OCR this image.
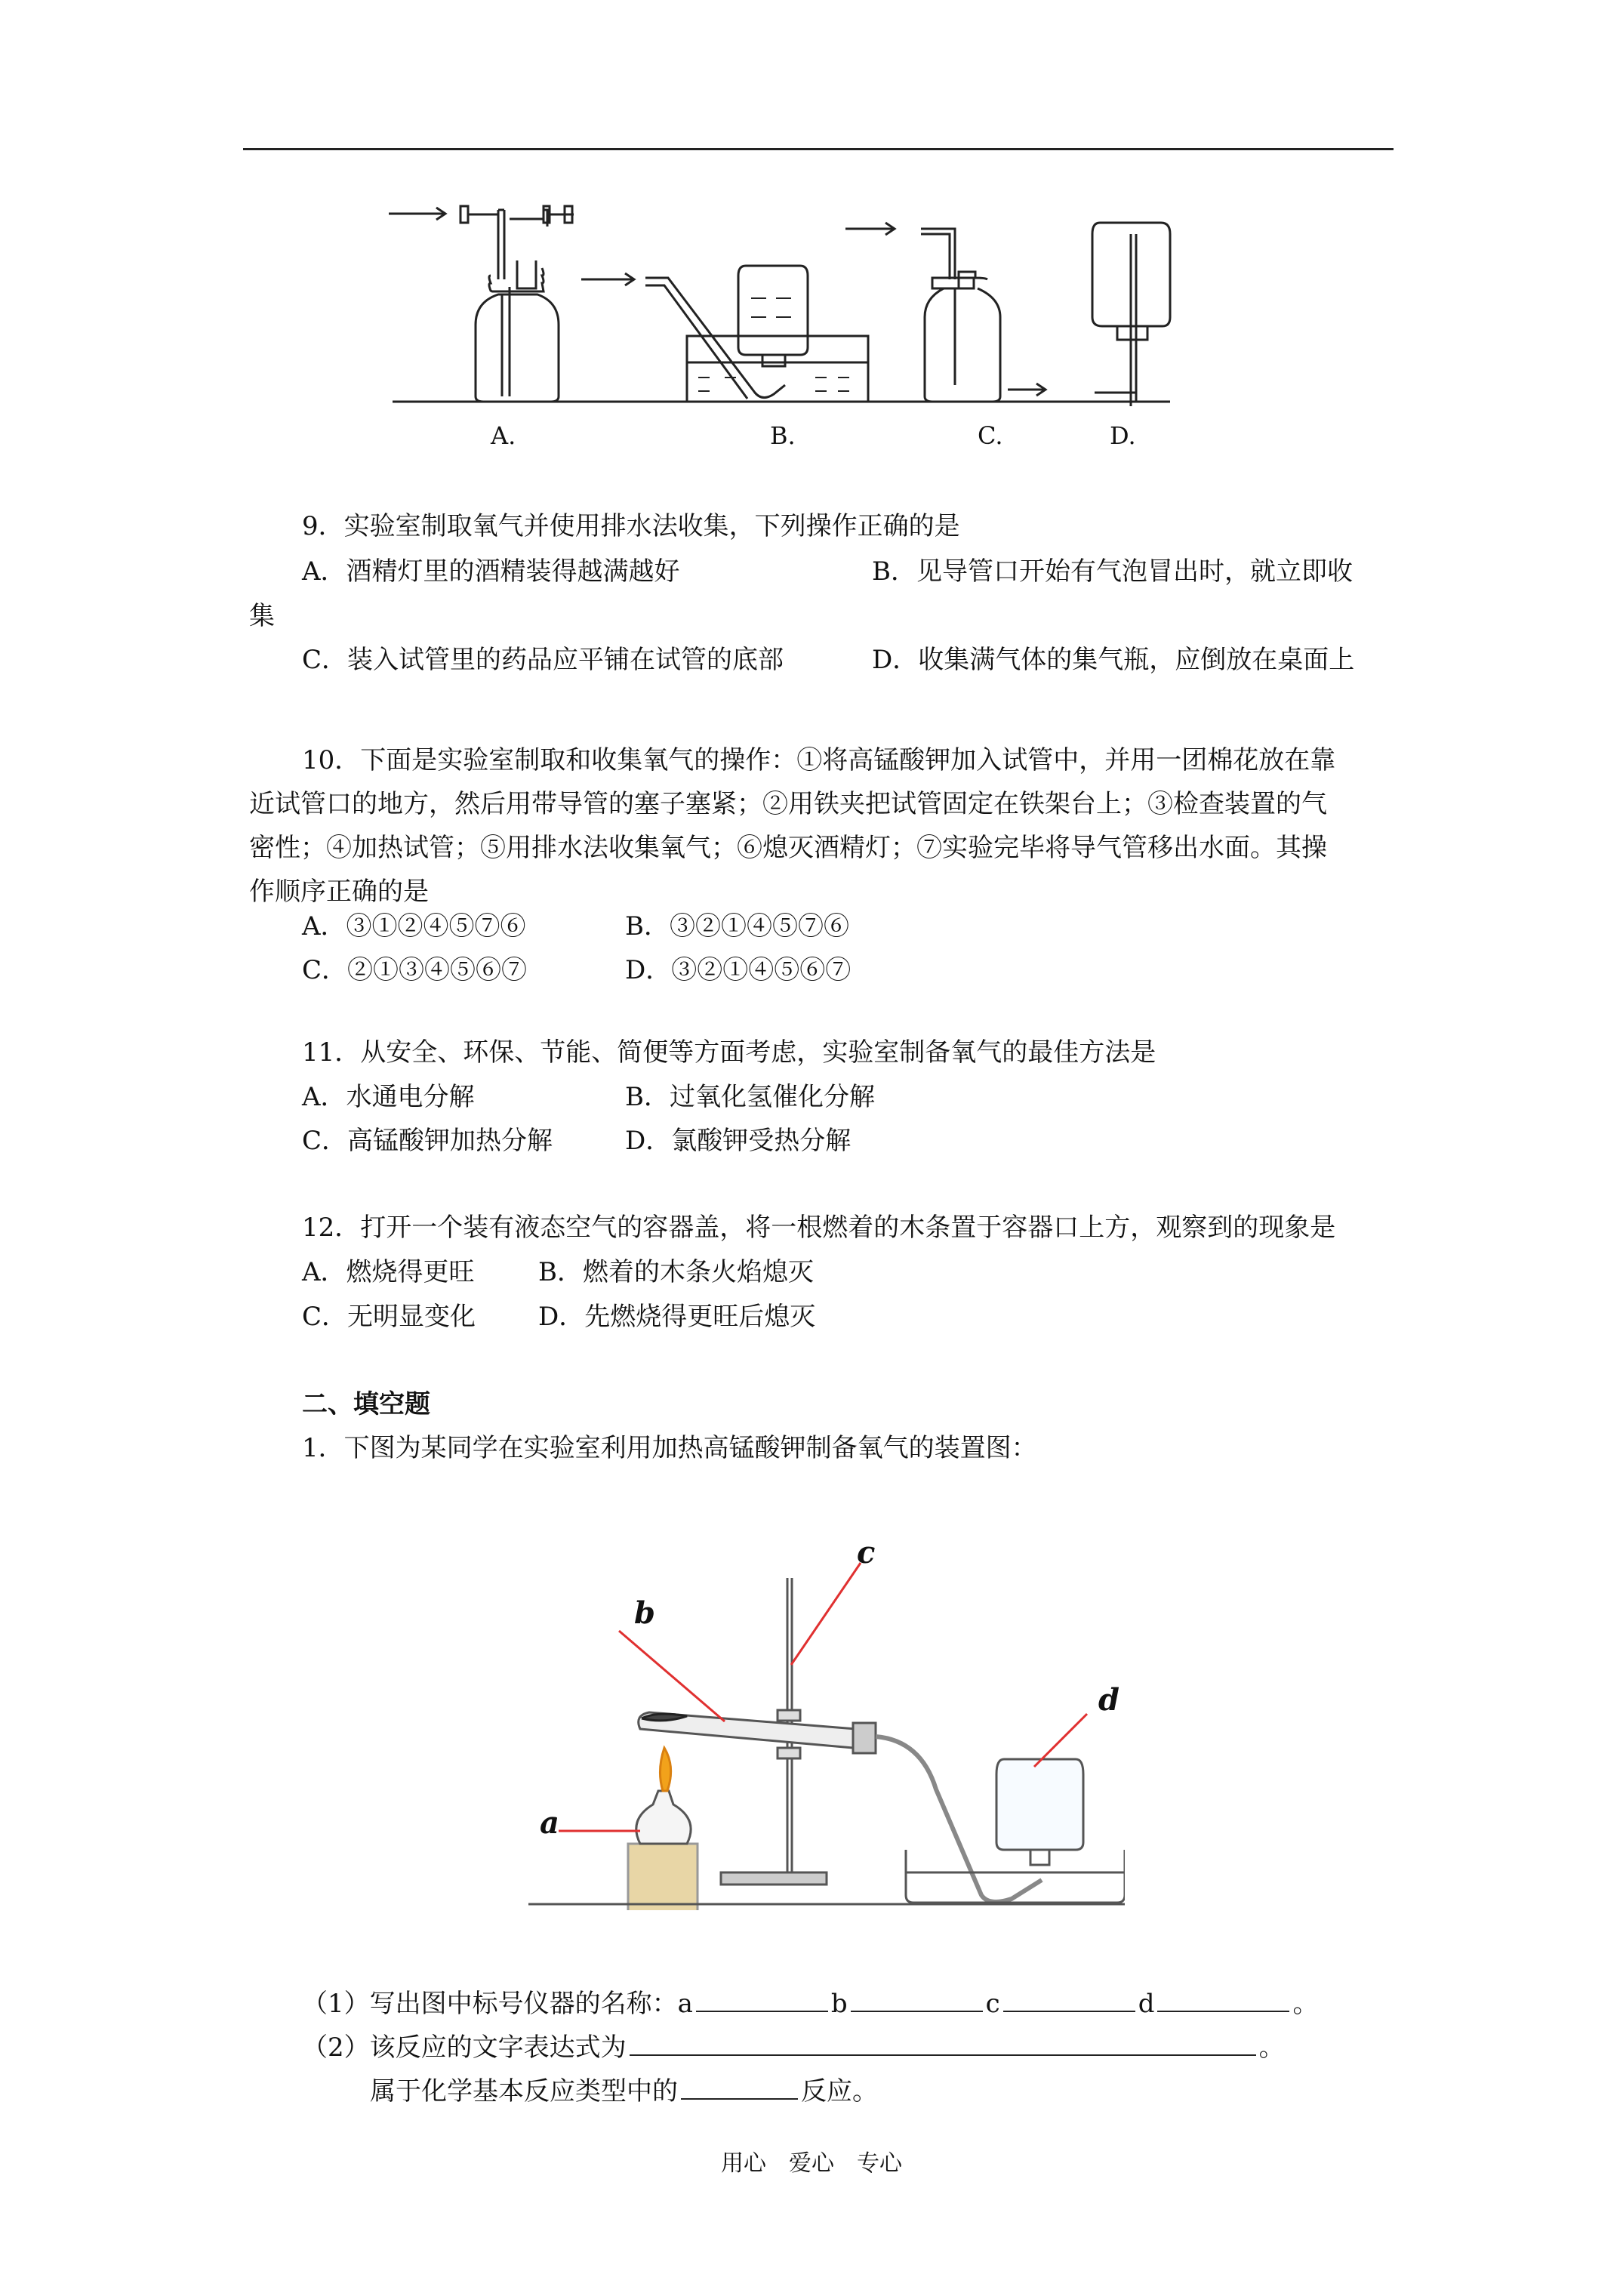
A.	B.	C.	D.
9．实验室制取氧气并使用排水法收集，下列操作正确的是
A．酒精灯里的酒精装得越满越好	B．见导管口开始有气泡冒出时，就立即收
集
C．装入试管里的药品应平铺在试管的底部	D．收集满气体的集气瓶，应倒放在桌面上
10．下面是实验室制取和收集氧气的操作：①将高锰酸钾加入试管中，并用一团棉花放在靠
近试管口的地方，然后用带导管的塞子塞紧；②用铁夹把试管固定在铁架台上；③检查装置的气
密性；④加热试管；⑤用排水法收集氧气；⑥熄灭酒精灯；⑦实验完毕将导气管移出水面。其操
作顺序正确的是
A．③①②④⑤⑦⑥	B．③②①④⑤⑦⑥
C．②①③④⑤⑥⑦	D．③②①④⑤⑥⑦
11．从安全、环保、节能、简便等方面考虑，实验室制备氧气的最佳方法是
A．水通电分解	B．过氧化氢催化分解
C．高锰酸钾加热分解	D．氯酸钾受热分解
12．打开一个装有液态空气的容器盖，将一根燃着的木条置于容器口上方，观察到的现象是
A．燃烧得更旺 B．燃着的木条火焰熄灭
C．无明显变化 D．先燃烧得更旺后熄灭
二、填空题
1．下图为某同学在实验室利用加热高锰酸钾制备氧气的装置图：
a
b
c
d
（1）写出图中标号仪器的名称：a	b	c	d	。
（2）该反应的文字表达式为	。
属于化学基本反应类型中的	反应。
用心　爱心　专心
